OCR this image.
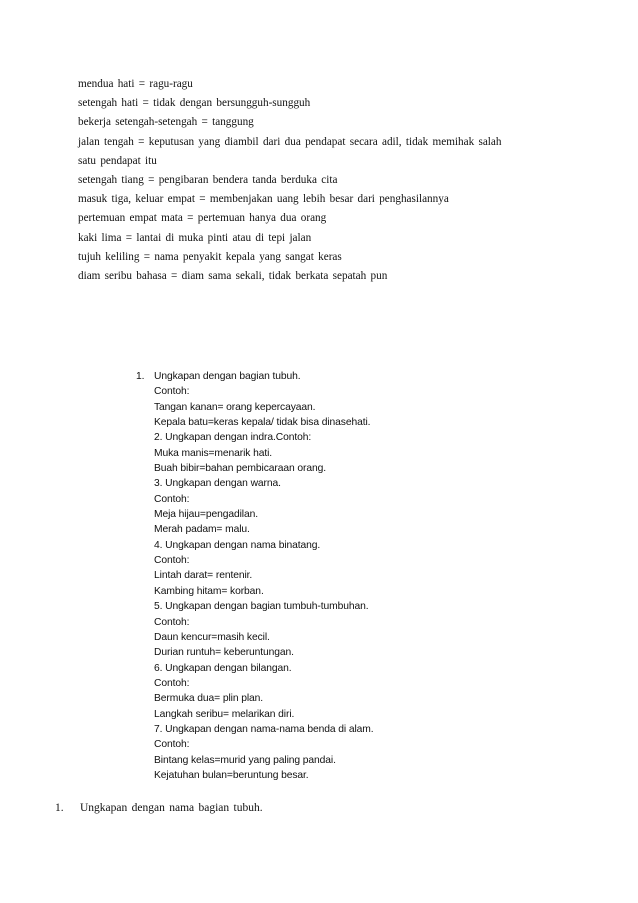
mendua hati = ragu-ragu
setengah hati = tidak dengan bersungguh-sungguh
bekerja setengah-setengah = tanggung
jalan tengah = keputusan yang diambil dari dua pendapat secara adil, tidak memihak salah
satu pendapat itu
setengah tiang = pengibaran bendera tanda berduka cita
masuk tiga, keluar empat = membenjakan uang lebih besar dari penghasilannya
pertemuan empat mata = pertemuan hanya dua orang
kaki lima = lantai di muka pinti atau di tepi jalan
tujuh keliling = nama penyakit kepala yang sangat keras
diam seribu bahasa = diam sama sekali, tidak berkata sepatah pun
1. Ungkapan dengan bagian tubuh.
Contoh:
Tangan kanan= orang kepercayaan.
Kepala batu=keras kepala/ tidak bisa dinasehati.
2. Ungkapan dengan indra.Contoh:
Muka manis=menarik hati.
Buah bibir=bahan pembicaraan orang.
3. Ungkapan dengan warna.
Contoh:
Meja hijau=pengadilan.
Merah padam= malu.
4. Ungkapan dengan nama binatang.
Contoh:
Lintah darat= rentenir.
Kambing hitam= korban.
5. Ungkapan dengan bagian tumbuh-tumbuhan.
Contoh:
Daun kencur=masih kecil.
Durian runtuh= keberuntungan.
6. Ungkapan dengan bilangan.
Contoh:
Bermuka dua= plin plan.
Langkah seribu= melarikan diri.
7. Ungkapan dengan nama-nama benda di alam.
Contoh:
Bintang kelas=murid yang paling pandai.
Kejatuhan bulan=beruntung besar.
1. Ungkapan dengan nama bagian tubuh.
